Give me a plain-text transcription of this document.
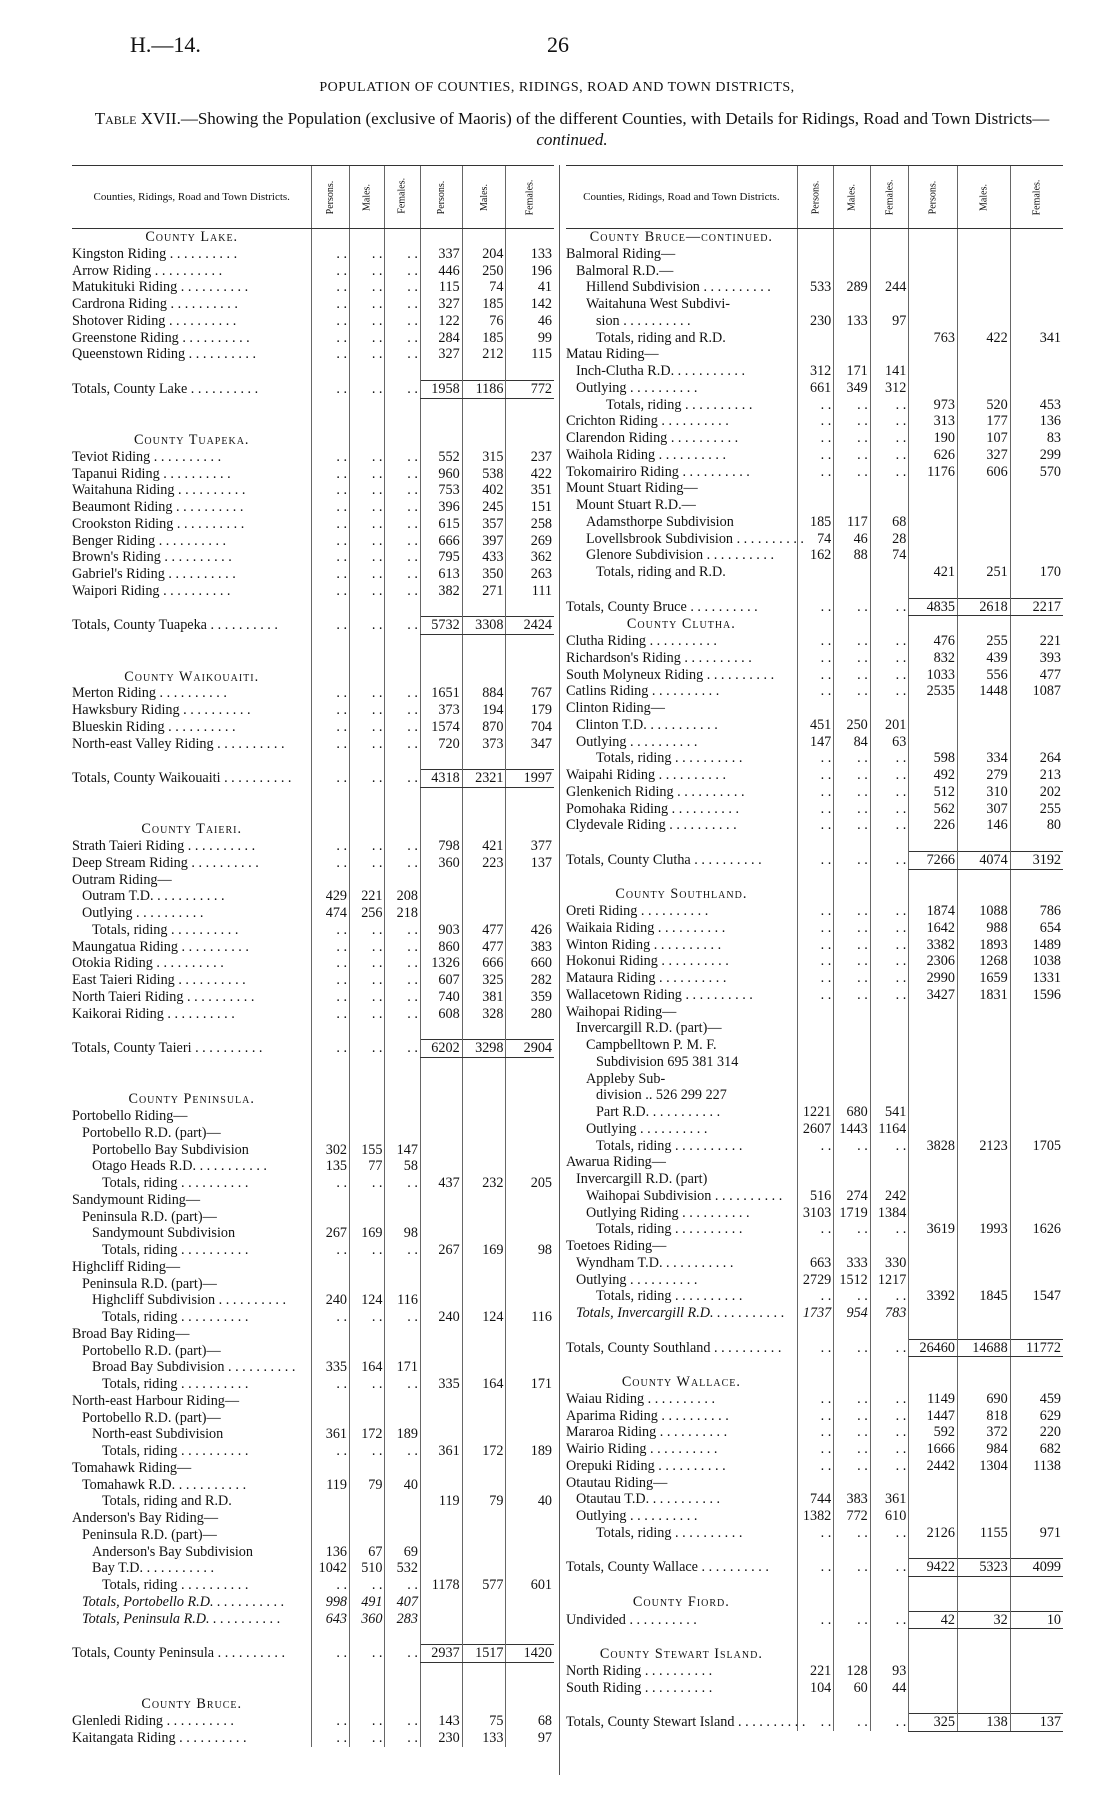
H.—14.	26
POPULATION OF COUNTIES, RIDINGS, ROAD AND TOWN DISTRICTS,
Table XVII.—Showing the Population (exclusive of Maoris) of the different Counties, with Details for Ridings, Road and Town Districts—continued.
Counties, Ridings, Road and Town Districts.	Persons.	Males.	Females.	Persons.	Males.	Females.

County Lake.						
Kingston Riding . . . . . . . . . .	. .	. .	. .	337	204	133
Arrow Riding . . . . . . . . . .	. .	. .	. .	446	250	196
Matukituki Riding . . . . . . . . . .	. .	. .	. .	115	74	41
Cardrona Riding . . . . . . . . . .	. .	. .	. .	327	185	142
Shotover Riding . . . . . . . . . .	. .	. .	. .	122	76	46
Greenstone Riding . . . . . . . . . .	. .	. .	. .	284	185	99
Queenstown Riding . . . . . . . . . .	. .	. .	. .	327	212	115

Totals, County Lake . . . . . . . . . .	. .	. .	. .	1958	1186	772

County Tuapeka.						
Teviot Riding . . . . . . . . . .	. .	. .	. .	552	315	237
Tapanui Riding . . . . . . . . . .	. .	. .	. .	960	538	422
Waitahuna Riding . . . . . . . . . .	. .	. .	. .	753	402	351
Beaumont Riding . . . . . . . . . .	. .	. .	. .	396	245	151
Crookston Riding . . . . . . . . . .	. .	. .	. .	615	357	258
Benger Riding . . . . . . . . . .	. .	. .	. .	666	397	269
Brown's Riding . . . . . . . . . .	. .	. .	. .	795	433	362
Gabriel's Riding . . . . . . . . . .	. .	. .	. .	613	350	263
Waipori Riding . . . . . . . . . .	. .	. .	. .	382	271	111

Totals, County Tuapeka . . . . . . . . . .	. .	. .	. .	5732	3308	2424

County Waikouaiti.						
Merton Riding . . . . . . . . . .	. .	. .	. .	1651	884	767
Hawksbury Riding . . . . . . . . . .	. .	. .	. .	373	194	179
Blueskin Riding . . . . . . . . . .	. .	. .	. .	1574	870	704
North-east Valley Riding . . . . . . . . . .	. .	. .	. .	720	373	347

Totals, County Waikouaiti . . . . . . . . . .	. .	. .	. .	4318	2321	1997

County Taieri.						
Strath Taieri Riding . . . . . . . . . .	. .	. .	. .	798	421	377
Deep Stream Riding . . . . . . . . . .	. .	. .	. .	360	223	137
Outram Riding—						
Outram T.D. . . . . . . . . . .	429	221	208			
Outlying . . . . . . . . . .	474	256	218			
Totals, riding . . . . . . . . . .	. .	. .	. .	903	477	426
Maungatua Riding . . . . . . . . . .	. .	. .	. .	860	477	383
Otokia Riding . . . . . . . . . .	. .	. .	. .	1326	666	660
East Taieri Riding . . . . . . . . . .	. .	. .	. .	607	325	282
North Taieri Riding . . . . . . . . . .	. .	. .	. .	740	381	359
Kaikorai Riding . . . . . . . . . .	. .	. .	. .	608	328	280

Totals, County Taieri . . . . . . . . . .	. .	. .	. .	6202	3298	2904

County Peninsula.						
Portobello Riding—						
Portobello R.D. (part)—						
Portobello Bay Subdivision	302	155	147			
Otago Heads R.D. . . . . . . . . . .	135	77	58			
Totals, riding . . . . . . . . . .	. .	. .	. .	437	232	205
Sandymount Riding—						
Peninsula R.D. (part)—						
Sandymount Subdivision	267	169	98			
Totals, riding . . . . . . . . . .	. .	. .	. .	267	169	98
Highcliff Riding—						
Peninsula R.D. (part)—						
Highcliff Subdivision . . . . . . . . . .	240	124	116			
Totals, riding . . . . . . . . . .	. .	. .	. .	240	124	116
Broad Bay Riding—						
Portobello R.D. (part)—						
Broad Bay Subdivision . . . . . . . . . .	335	164	171			
Totals, riding . . . . . . . . . .	. .	. .	. .	335	164	171
North-east Harbour Riding—						
Portobello R.D. (part)—						
North-east Subdivision	361	172	189			
Totals, riding . . . . . . . . . .	. .	. .	. .	361	172	189
Tomahawk Riding—						
Tomahawk R.D. . . . . . . . . . .	119	79	40			
Totals, riding and R.D.				119	79	40
Anderson's Bay Riding—						
Peninsula R.D. (part)—						
Anderson's Bay Subdivision	136	67	69			
Bay T.D. . . . . . . . . . .	1042	510	532			
Totals, riding . . . . . . . . . .	. .	. .	. .	1178	577	601
Totals, Portobello R.D. . . . . . . . . . .	998	491	407			
Totals, Peninsula R.D. . . . . . . . . . .	643	360	283			

Totals, County Peninsula . . . . . . . . . .	. .	. .	. .	2937	1517	1420

County Bruce.						
Glenledi Riding . . . . . . . . . .	. .	. .	. .	143	75	68
Kaitangata Riding . . . . . . . . . .	. .	. .	. .	230	133	97
Counties, Ridings, Road and Town Districts.	Persons.	Males.	Females.	Persons.	Males.	Females.

County Bruce—continued.						
Balmoral Riding—						
Balmoral R.D.—						
Hillend Subdivision . . . . . . . . . .	533	289	244			
Waitahuna West Subdivi-						
sion . . . . . . . . . .	230	133	97			
Totals, riding and R.D.				763	422	341
Matau Riding—						
Inch-Clutha R.D. . . . . . . . . . .	312	171	141			
Outlying . . . . . . . . . .	661	349	312			
Totals, riding . . . . . . . . . .	. .	. .	. .	973	520	453
Crichton Riding . . . . . . . . . .	. .	. .	. .	313	177	136
Clarendon Riding . . . . . . . . . .	. .	. .	. .	190	107	83
Waihola Riding . . . . . . . . . .	. .	. .	. .	626	327	299
Tokomairiro Riding . . . . . . . . . .	. .	. .	. .	1176	606	570
Mount Stuart Riding—						
Mount Stuart R.D.—						
Adamsthorpe Subdivision	185	117	68			
Lovellsbrook Subdivision . . . . . . . . . .	74	46	28			
Glenore Subdivision . . . . . . . . . .	162	88	74			
Totals, riding and R.D.				421	251	170

Totals, County Bruce . . . . . . . . . .	. .	. .	. .	4835	2618	2217
County Clutha.						
Clutha Riding . . . . . . . . . .	. .	. .	. .	476	255	221
Richardson's Riding . . . . . . . . . .	. .	. .	. .	832	439	393
South Molyneux Riding . . . . . . . . . .	. .	. .	. .	1033	556	477
Catlins Riding . . . . . . . . . .	. .	. .	. .	2535	1448	1087
Clinton Riding—						
Clinton T.D. . . . . . . . . . .	451	250	201			
Outlying . . . . . . . . . .	147	84	63			
Totals, riding . . . . . . . . . .	. .	. .	. .	598	334	264
Waipahi Riding . . . . . . . . . .	. .	. .	. .	492	279	213
Glenkenich Riding . . . . . . . . . .	. .	. .	. .	512	310	202
Pomohaka Riding . . . . . . . . . .	. .	. .	. .	562	307	255
Clydevale Riding . . . . . . . . . .	. .	. .	. .	226	146	80

Totals, County Clutha . . . . . . . . . .	. .	. .	. .	7266	4074	3192

County Southland.						
Oreti Riding . . . . . . . . . .	. .	. .	. .	1874	1088	786
Waikaia Riding . . . . . . . . . .	. .	. .	. .	1642	988	654
Winton Riding . . . . . . . . . .	. .	. .	. .	3382	1893	1489
Hokonui Riding . . . . . . . . . .	. .	. .	. .	2306	1268	1038
Mataura Riding . . . . . . . . . .	. .	. .	. .	2990	1659	1331
Wallacetown Riding . . . . . . . . . .	. .	. .	. .	3427	1831	1596
Waihopai Riding—						
Invercargill R.D. (part)—						
Campbelltown P. M. F.						
Subdivision 695 381 314						
Appleby Sub-						
division .. 526 299 227						
Part R.D. . . . . . . . . . .	1221	680	541			
Outlying . . . . . . . . . .	2607	1443	1164			
Totals, riding . . . . . . . . . .	. .	. .	. .	3828	2123	1705
Awarua Riding—						
Invercargill R.D. (part)						
Waihopai Subdivision . . . . . . . . . .	516	274	242			
Outlying Riding . . . . . . . . . .	3103	1719	1384			
Totals, riding . . . . . . . . . .	. .	. .	. .	3619	1993	1626
Toetoes Riding—						
Wyndham T.D. . . . . . . . . . .	663	333	330			
Outlying . . . . . . . . . .	2729	1512	1217			
Totals, riding . . . . . . . . . .	. .	. .	. .	3392	1845	1547
Totals, Invercargill R.D. . . . . . . . . . .	1737	954	783			

Totals, County Southland . . . . . . . . . .	. .	. .	. .	26460	14688	11772

County Wallace.						
Waiau Riding . . . . . . . . . .	. .	. .	. .	1149	690	459
Aparima Riding . . . . . . . . . .	. .	. .	. .	1447	818	629
Mararoa Riding . . . . . . . . . .	. .	. .	. .	592	372	220
Wairio Riding . . . . . . . . . .	. .	. .	. .	1666	984	682
Orepuki Riding . . . . . . . . . .	. .	. .	. .	2442	1304	1138
Otautau Riding—						
Otautau T.D. . . . . . . . . . .	744	383	361			
Outlying . . . . . . . . . .	1382	772	610			
Totals, riding . . . . . . . . . .	. .	. .	. .	2126	1155	971

Totals, County Wallace . . . . . . . . . .	. .	. .	. .	9422	5323	4099

County Fiord.						
Undivided . . . . . . . . . .	. .	. .	. .	42	32	10

County Stewart Island.						
North Riding . . . . . . . . . .	221	128	93			
South Riding . . . . . . . . . .	104	60	44			

Totals, County Stewart Island . . . . . . . . . .	. .	. .	. .	325	138	137
